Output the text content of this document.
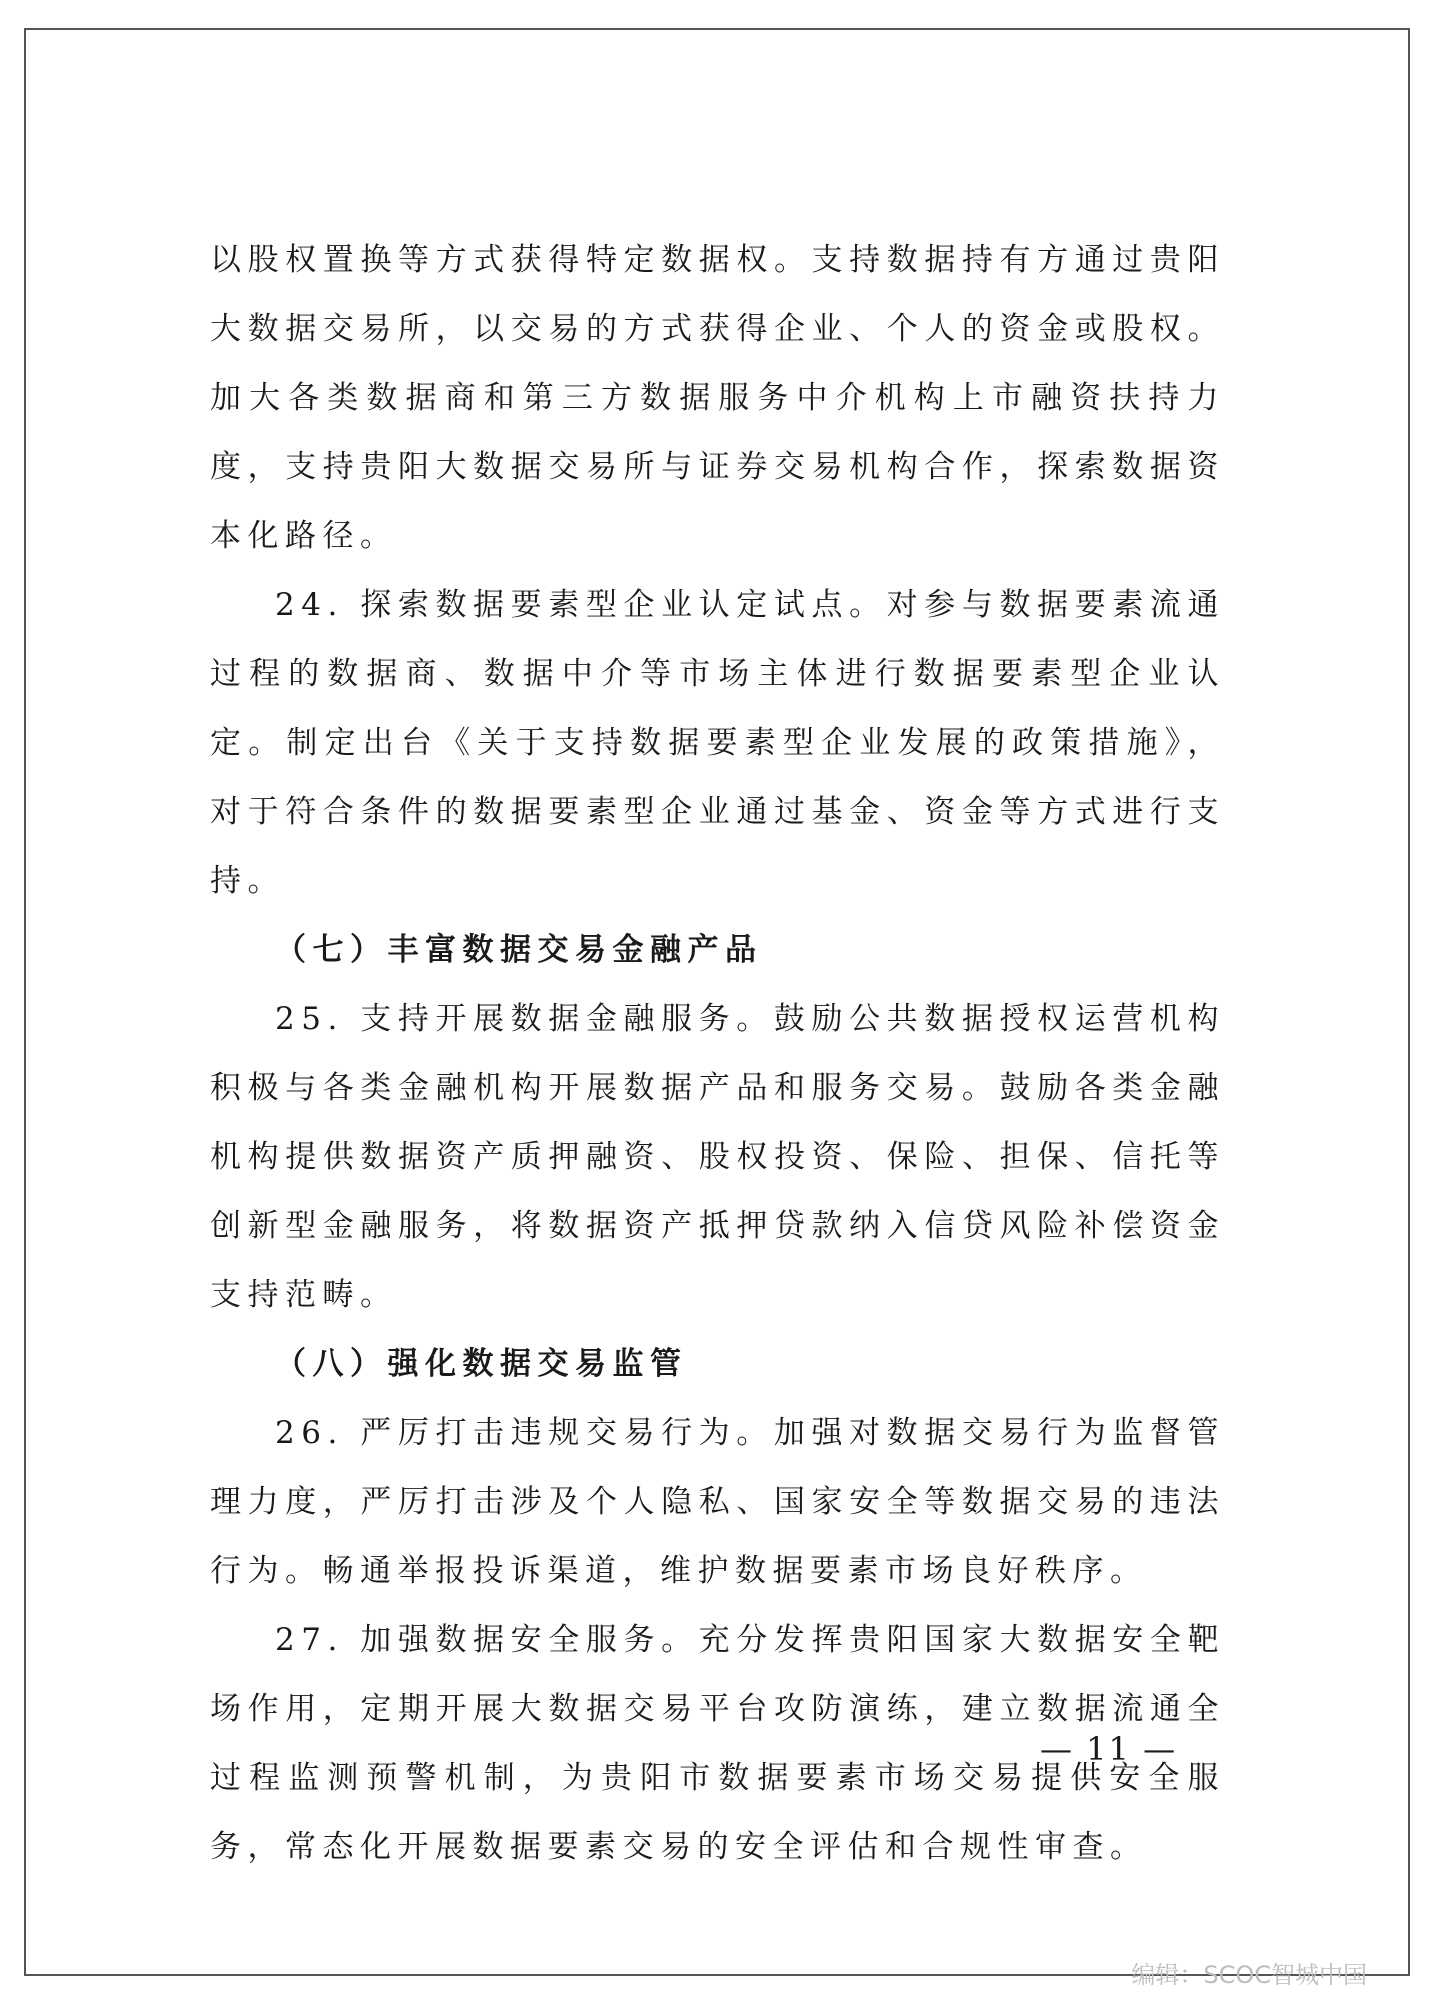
以股权置换等方式获得特定数据权。支持数据持有方通过贵阳大数据交易所，以交易的方式获得企业、个人的资金或股权。加大各类数据商和第三方数据服务中介机构上市融资扶持力度，支持贵阳大数据交易所与证券交易机构合作，探索数据资本化路径。

24. 探索数据要素型企业认定试点。对参与数据要素流通过程的数据商、数据中介等市场主体进行数据要素型企业认定。制定出台《关于支持数据要素型企业发展的政策措施》，对于符合条件的数据要素型企业通过基金、资金等方式进行支持。

（七）丰富数据交易金融产品

25. 支持开展数据金融服务。鼓励公共数据授权运营机构积极与各类金融机构开展数据产品和服务交易。鼓励各类金融机构提供数据资产质押融资、股权投资、保险、担保、信托等创新型金融服务，将数据资产抵押贷款纳入信贷风险补偿资金支持范畴。

（八）强化数据交易监管

26. 严厉打击违规交易行为。加强对数据交易行为监督管理力度，严厉打击涉及个人隐私、国家安全等数据交易的违法行为。畅通举报投诉渠道，维护数据要素市场良好秩序。

27. 加强数据安全服务。充分发挥贵阳国家大数据安全靶场作用，定期开展大数据交易平台攻防演练，建立数据流通全过程监测预警机制，为贵阳市数据要素市场交易提供安全服务，常态化开展数据要素交易的安全评估和合规性审查。

— 11 —
编辑：SCOC智城中国
